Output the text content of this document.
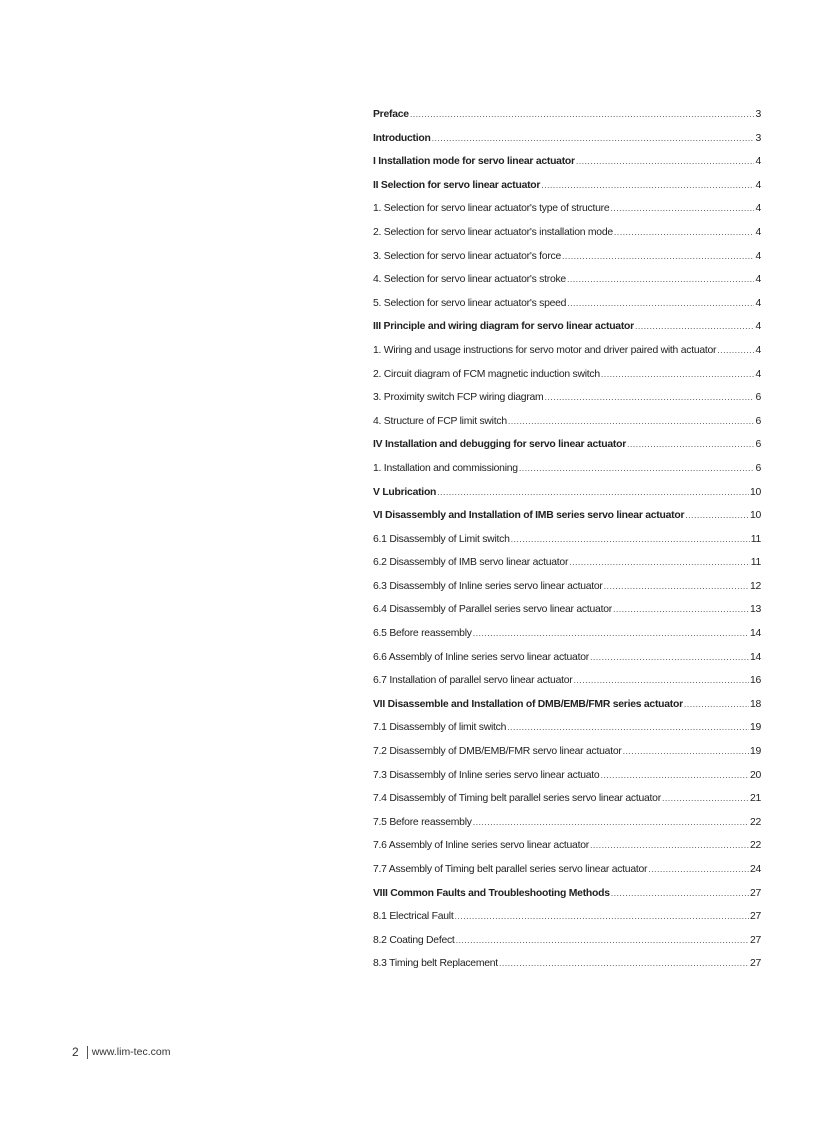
Preface .....	3
Introduction .....	3
I Installation mode for servo linear actuator .....	4
II Selection for servo linear actuator .....	4
1. Selection for servo linear actuator's type of structure .....	4
2. Selection for servo linear actuator's installation mode .....	4
3. Selection for servo linear actuator's force .....	4
4. Selection for servo linear actuator's stroke .....	4
5. Selection for servo linear actuator's speed .....	4
III Principle and wiring diagram for servo linear actuator .....	4
1. Wiring and usage instructions for servo motor and driver paired with actuator .....	4
2. Circuit diagram of FCM magnetic induction switch .....	4
3. Proximity switch FCP wiring diagram .....	6
4. Structure of FCP limit switch .....	6
IV Installation and debugging for servo linear actuator .....	6
1. Installation and commissioning .....	6
V Lubrication .....	10
VI Disassembly and Installation of IMB series servo linear actuator .....	10
6.1 Disassembly of Limit switch .....	11
6.2 Disassembly of IMB servo linear actuator .....	11
6.3 Disassembly of Inline series servo linear actuator .....	12
6.4 Disassembly of Parallel series servo linear actuator .....	13
6.5 Before reassembly .....	14
6.6 Assembly of Inline series servo linear actuator .....	14
6.7 Installation of parallel servo linear actuator .....	16
VII Disassemble and Installation of DMB/EMB/FMR series actuator .....	18
7.1 Disassembly of limit switch .....	19
7.2 Disassembly of DMB/EMB/FMR servo linear actuator .....	19
7.3 Disassembly of Inline series servo linear actuato .....	20
7.4 Disassembly of Timing belt parallel series servo linear actuator .....	21
7.5 Before reassembly .....	22
7.6 Assembly of Inline series servo linear actuator .....	22
7.7 Assembly of Timing belt parallel series servo linear actuator .....	24
VIII Common Faults and Troubleshooting Methods .....	27
8.1 Electrical Fault .....	27
8.2 Coating Defect .....	27
8.3 Timing belt Replacement .....	27
2 www.lim-tec.com
